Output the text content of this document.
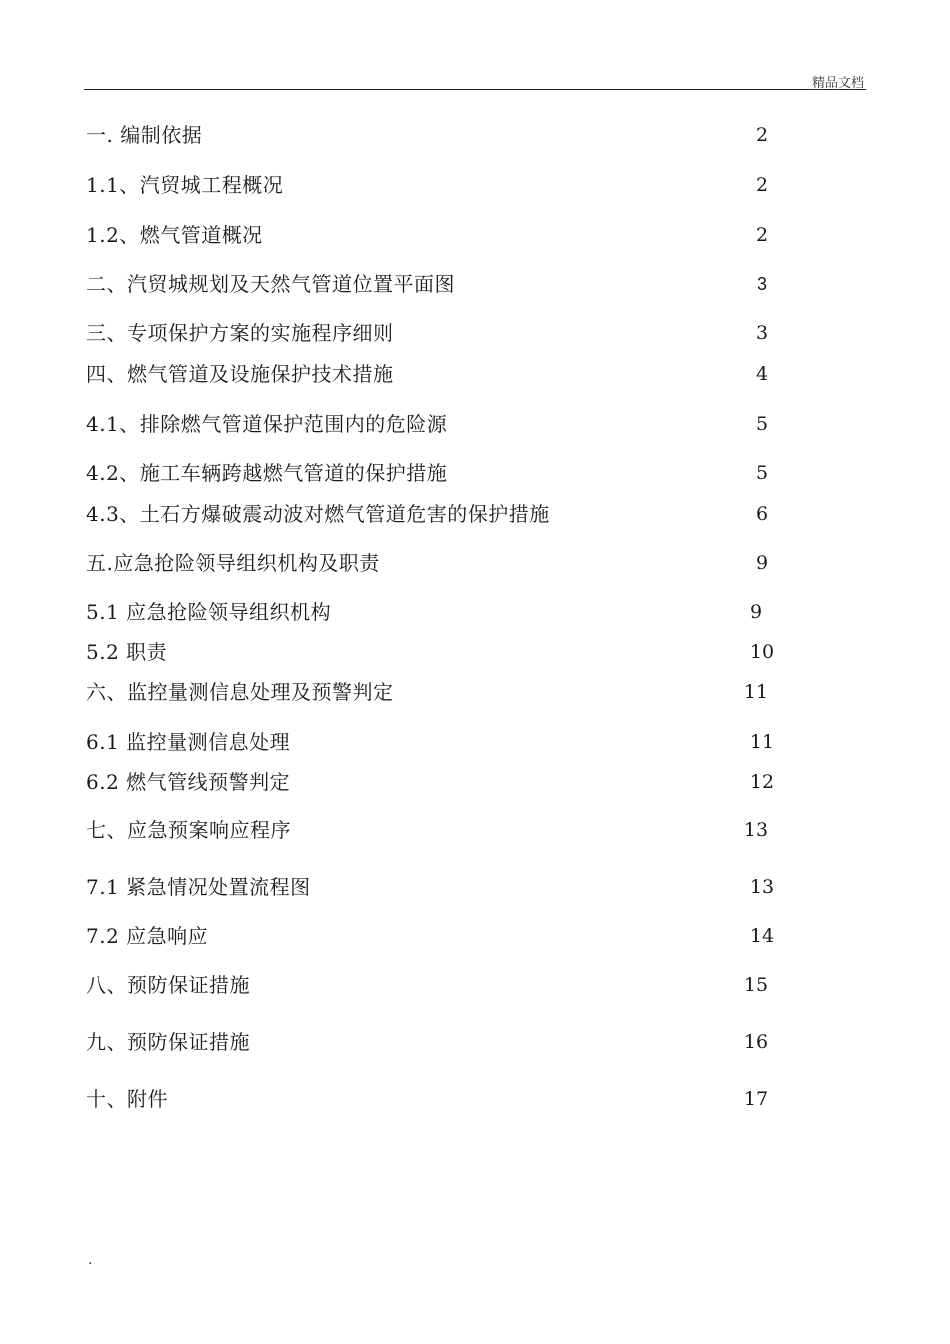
精品文档
一. 编制依据	2
1.1、汽贸城工程概况	2
1.2、燃气管道概况	2
二、汽贸城规划及天然气管道位置平面图	3
三、专项保护方案的实施程序细则	3
四、燃气管道及设施保护技术措施	4
4.1、排除燃气管道保护范围内的危险源	5
4.2、施工车辆跨越燃气管道的保护措施	5
4.3、土石方爆破震动波对燃气管道危害的保护措施	6
五.应急抢险领导组织机构及职责	9
5.1 应急抢险领导组织机构	9
5.2 职责	10
六、监控量测信息处理及预警判定	11
6.1 监控量测信息处理	11
6.2 燃气管线预警判定	12
七、应急预案响应程序	13
7.1 紧急情况处置流程图	13
7.2 应急响应	14
八、预防保证措施	15
九、预防保证措施	16
十、附件	17
.
